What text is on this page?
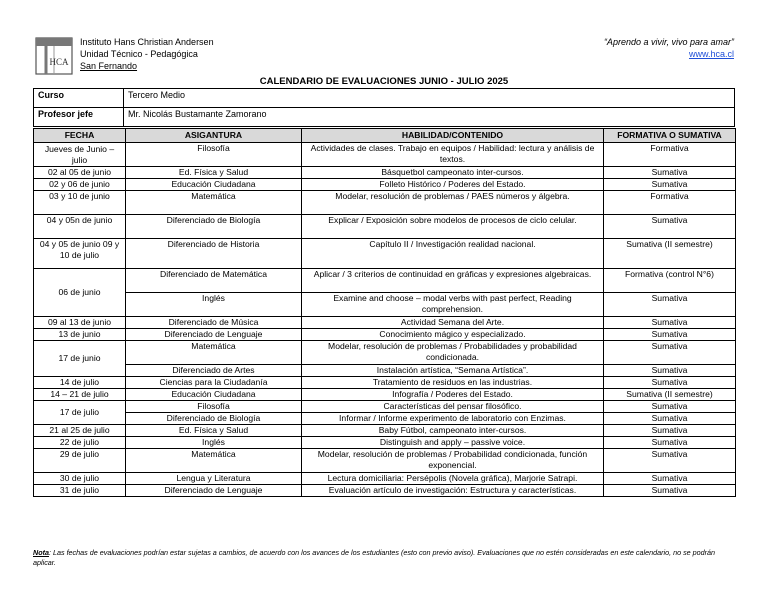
HCA
Instituto Hans Christian Andersen
Unidad Técnico - Pedagógica
San Fernando
“Aprendo a vivir, vivo para amar”
www.hca.cl
CALENDARIO DE EVALUACIONES JUNIO - JULIO 2025
Curso	Tercero Medio
Profesor jefe	Mr. Nicolás Bustamante Zamorano
FECHA	ASIGANTURA	HABILIDAD/CONTENIDO	FORMATIVA O SUMATIVA
Jueves de Junio – julio	Filosofía	Actividades de clases. Trabajo en equipos / Habilidad: lectura y análisis de textos.	Formativa
02 al 05 de junio	Ed. Física y Salud	Básquetbol campeonato inter-cursos.	Sumativa
02 y 06 de junio	Educación Ciudadana	Folleto Histórico / Poderes del Estado.	Sumativa
03 y 10 de junio	Matemática	Modelar, resolución de problemas / PAES números y álgebra.	Formativa
04 y 05n de junio	Diferenciado de Biología	Explicar / Exposición sobre modelos de procesos de ciclo celular.	Sumativa
04 y 05 de junio 09 y 10 de julio	Diferenciado de Historia	Capítulo II / Investigación realidad nacional.	Sumativa (II semestre)
06 de junio	Diferenciado de Matemática	Aplicar / 3 criterios de continuidad en gráficas y expresiones algebraicas.	Formativa (control N°6)
	Inglés	Examine and choose – modal verbs with past perfect, Reading comprehension.	Sumativa
09 al 13 de junio	Diferenciado de Música	Actividad Semana del Arte.	Sumativa
13 de junio	Diferenciado de Lenguaje	Conocimiento mágico y especializado.	Sumativa
17 de junio	Matemática	Modelar, resolución de problemas / Probabilidades y probabilidad condicionada.	Sumativa
	Diferenciado de Artes	Instalación artística, “Semana Artística”.	Sumativa
14 de julio	Ciencias para la Ciudadanía	Tratamiento de residuos en las industrias.	Sumativa
14 – 21 de julio	Educación Ciudadana	Infografía / Poderes del Estado.	Sumativa (II semestre)
17 de julio	Filosofía	Características del pensar filosófico.	Sumativa
	Diferenciado de Biología	Informar / Informe experimento de laboratorio con Enzimas.	Sumativa
21 al 25 de julio	Ed. Física y Salud	Baby Fútbol, campeonato inter-cursos.	Sumativa
22 de julio	Inglés	Distinguish and apply – passive voice.	Sumativa
29 de julio	Matemática	Modelar, resolución de problemas / Probabilidad condicionada, función exponencial.	Sumativa
30 de julio	Lengua y Literatura	Lectura domiciliaria: Persépolis (Novela gráfica), Marjorie Satrapi.	Sumativa
31 de julio	Diferenciado de Lenguaje	Evaluación artículo de investigación: Estructura y características.	Sumativa
Nota: Las fechas de evaluaciones podrían estar sujetas a cambios, de acuerdo con los avances de los estudiantes (esto con previo aviso). Evaluaciones que no estén consideradas en este calendario, no se podrán aplicar.
